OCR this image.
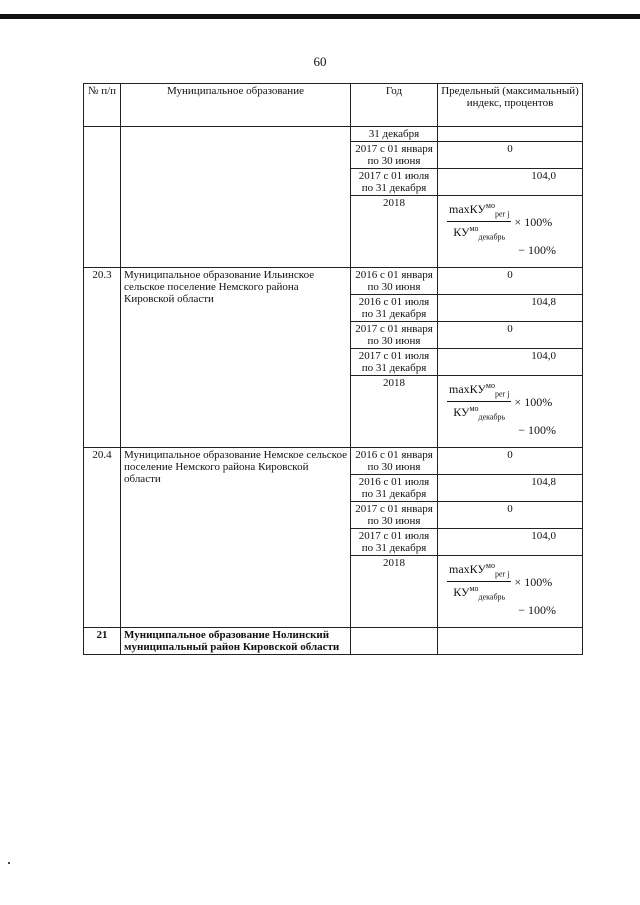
60
№ п/п	Муниципальное образование	Год	Предельный (максимальный) индекс, процентов
		31 декабря	
		2017 с 01 января по 30 июня	0
		2017 с 01 июля по 31 декабря	104,0
		2018	$\frac{\max КУ^{мо}_{per j}}{КУ^{мо}_{декабрь}} \times 100\%$
− 100%

20.3	Муниципальное образование Ильинское сельское поселение Немского района Кировской области	2016 с 01 января по 30 июня	0
		2016 с 01 июля по 31 декабря	104,8
		2017 с 01 января по 30 июня	0
		2017 с 01 июля по 31 декабря	104,0
		2018	$\frac{\max КУ^{мо}_{per j}}{КУ^{мо}_{декабрь}} \times 100\%$
− 100%

20.4	Муниципальное образование Немское сельское поселение Немского района Кировской области	2016 с 01 января по 30 июня	0
		2016 с 01 июля по 31 декабря	104,8
		2017 с 01 января по 30 июня	0
		2017 с 01 июля по 31 декабря	104,0
		2018	$\frac{\max КУ^{мо}_{per j}}{КУ^{мо}_{декабрь}} \times 100\%$
− 100%

21	Муниципальное образование Нолинский муниципальный район Кировской области		
